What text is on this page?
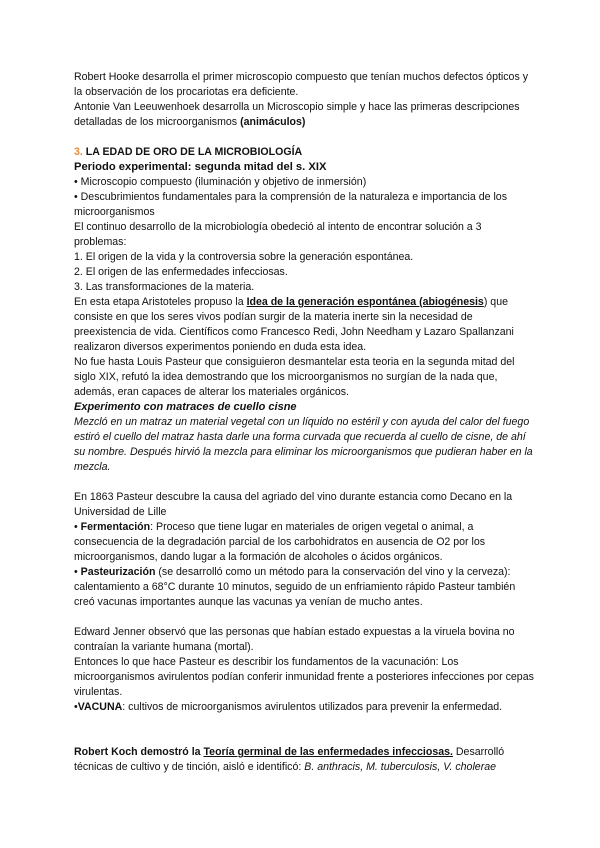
Robert Hooke desarrolla el primer microscopio compuesto que tenían muchos defectos ópticos y la observación de los procariotas era deficiente.

Antonie Van Leeuwenhoek desarrolla un Microscopio simple y hace las primeras descripciones detalladas de los microorganismos (animáculos)

3. LA EDAD DE ORO DE LA MICROBIOLOGÍA

Periodo experimental: segunda mitad del s. XIX

• Microscopio compuesto (iluminación y objetivo de inmersión)

• Descubrimientos fundamentales para la comprensión de la naturaleza e importancia de los microorganismos

El continuo desarrollo de la microbiología obedeció al intento de encontrar solución a 3 problemas:

1. El origen de la vida y la controversia sobre la generación espontánea.

2. El origen de las enfermedades infecciosas.

3. Las transformaciones de la materia.

En esta etapa Aristoteles propuso la Idea de la generación espontánea (abiogénesis) que consiste en que los seres vivos podían surgir de la materia inerte sin la necesidad de preexistencia de vida. Científicos como Francesco Redi, John Needham y Lazaro Spallanzani realizaron diversos experimentos poniendo en duda esta idea.

No fue hasta Louis Pasteur que consiguieron desmantelar esta teoria en la segunda mitad del siglo XIX, refutó la idea demostrando que los microorganismos no surgían de la nada que, además, eran capaces de alterar los materiales orgánicos.

Experimento con matraces de cuello cisne

Mezcló en un matraz un material vegetal con un líquido no estéril y con ayuda del calor del fuego estiró el cuello del matraz hasta darle una forma curvada que recuerda al cuello de cisne, de ahí su nombre. Después hirvió la mezcla para eliminar los microorganismos que pudieran haber en la mezcla.

En 1863 Pasteur descubre la causa del agriado del vino durante estancia como Decano en la Universidad de Lille

• Fermentación: Proceso que tiene lugar en materiales de origen vegetal o animal, a consecuencia de la degradación parcial de los carbohidratos en ausencia de O2 por los microorganismos, dando lugar a la formación de alcoholes o ácidos orgánicos.

• Pasteurización (se desarrolló como un método para la conservación del vino y la cerveza): calentamiento a 68°C durante 10 minutos, seguido de un enfriamiento rápido Pasteur también creó vacunas importantes aunque las vacunas ya venían de mucho antes.

Edward Jenner observó que las personas que habían estado expuestas a la viruela bovina no contraían la variante humana (mortal).

Entonces lo que hace Pasteur es describir los fundamentos de la vacunación: Los microorganismos avirulentos podían conferir inmunidad frente a posteriores infecciones por cepas virulentas.

•VACUNA: cultivos de microorganismos avirulentos utilizados para prevenir la enfermedad.

Robert Koch demostró la Teoría germinal de las enfermedades infecciosas. Desarrolló técnicas de cultivo y de tinción, aisló e identificó: B. anthracis, M. tuberculosis, V. cholerae
